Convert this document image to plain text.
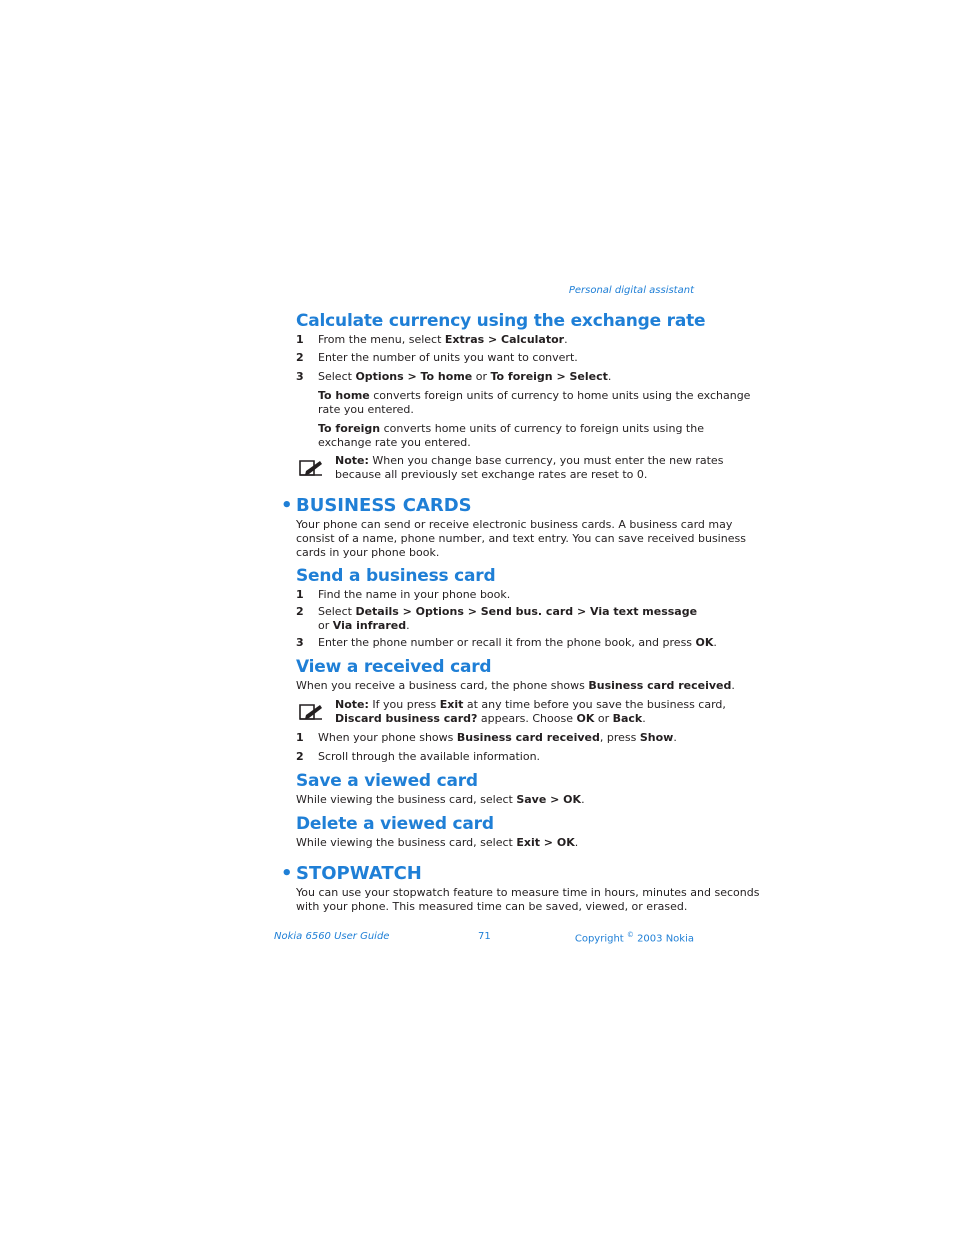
Personal digital assistant
Calculate currency using the exchange rate
1 From the menu, select Extras > Calculator.
2 Enter the number of units you want to convert.
3 Select Options > To home or To foreign > Select.
To home converts foreign units of currency to home units using the exchange
rate you entered.
To foreign converts home units of currency to foreign units using the
exchange rate you entered.
Note: When you change base currency, you must enter the new rates
because all previously set exchange rates are reset to 0.
• BUSINESS CARDS
Your phone can send or receive electronic business cards. A business card may
consist of a name, phone number, and text entry. You can save received business
cards in your phone book.
Send a business card
1 Find the name in your phone book.
2 Select Details > Options > Send bus. card > Via text message
or Via infrared.
3 Enter the phone number or recall it from the phone book, and press OK.
View a received card
When you receive a business card, the phone shows Business card received.
Note: If you press Exit at any time before you save the business card,
Discard business card? appears. Choose OK or Back.
1 When your phone shows Business card received, press Show.
2 Scroll through the available information.
Save a viewed card
While viewing the business card, select Save > OK.
Delete a viewed card
While viewing the business card, select Exit > OK.
• STOPWATCH
You can use your stopwatch feature to measure time in hours, minutes and seconds
with your phone. This measured time can be saved, viewed, or erased.
Nokia 6560 User Guide	71	Copyright © 2003 Nokia
